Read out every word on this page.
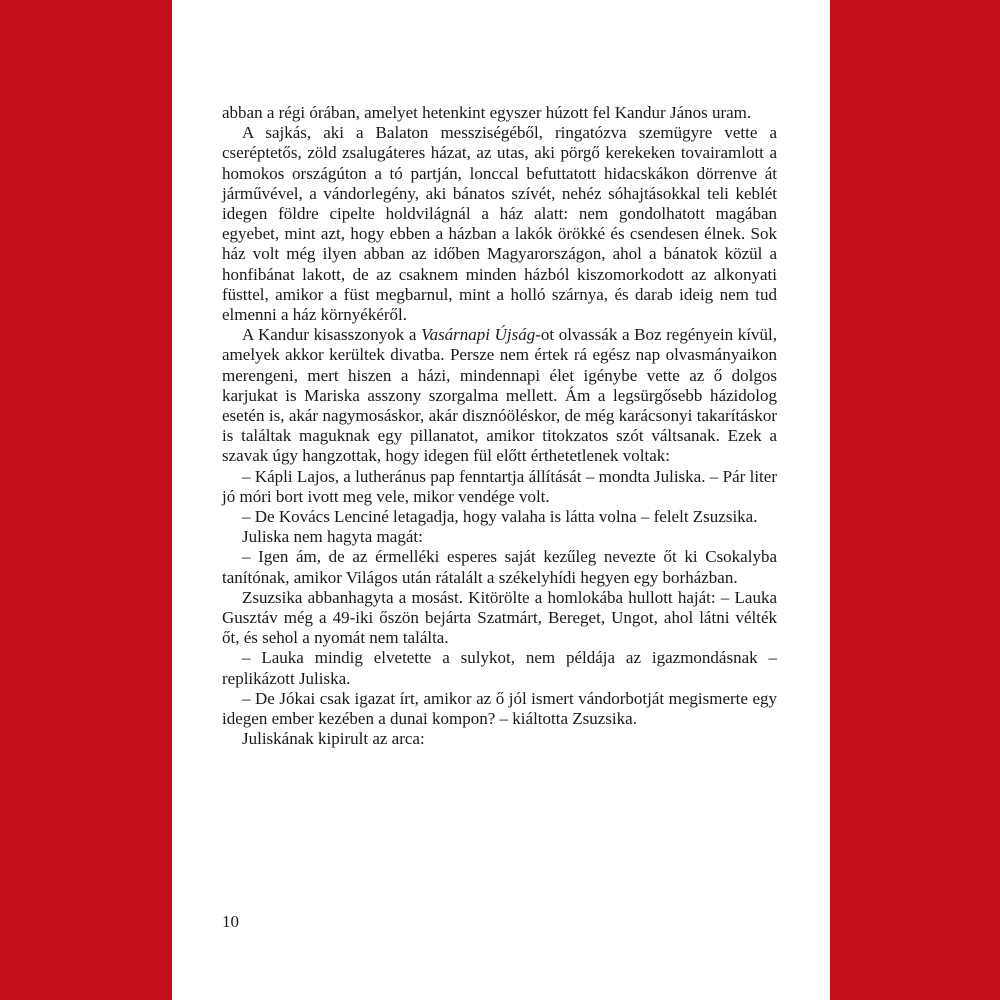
abban a régi órában, amelyet hetenkint egyszer húzott fel Kandur János uram.

A sajkás, aki a Balaton messziségéből, ringatózva szemügyre vette a cseréptetős, zöld zsalugáteres házat, az utas, aki pörgő kerekeken tovairamlott a homokos országúton a tó partján, lonccal befuttatott hidacskákon dörrenve át járművével, a vándorlegény, aki bánatos szívét, nehéz sóhajtásokkal teli keblét idegen földre cipelte holdvilágnál a ház alatt: nem gondolhatott magában egyebet, mint azt, hogy ebben a házban a lakók örökké és csendesen élnek. Sok ház volt még ilyen abban az időben Magyarországon, ahol a bánatok közül a honfibánat lakott, de az csaknem minden házból kiszomorkodott az alkonyati füsttel, amikor a füst megbarnul, mint a holló szárnya, és darab ideig nem tud elmenni a ház környékéről.

A Kandur kisasszonyok a Vasárnapi Újság-ot olvassák a Boz regényein kívül, amelyek akkor kerültek divatba. Persze nem értek rá egész nap olvasmányaikon merengeni, mert hiszen a házi, mindennapi élet igénybe vette az ő dolgos karjukat is Mariska asszony szorgalma mellett. Ám a legsürgősebb házidolog esetén is, akár nagymosáskor, akár disznóöléskor, de még karácsonyi takarításkor is találtak maguknak egy pillanatot, amikor titokzatos szót váltsanak. Ezek a szavak úgy hangzottak, hogy idegen fül előtt érthetetlenek voltak:

– Kápli Lajos, a lutheránus pap fenntartja állítását – mondta Juliska. – Pár liter jó móri bort ivott meg vele, mikor vendége volt.

– De Kovács Lenciné letagadja, hogy valaha is látta volna – felelt Zsuzsika.

Juliska nem hagyta magát:

– Igen ám, de az érmelléki esperes saját kezűleg nevezte őt ki Csokalyba tanítónak, amikor Világos után rátalált a székelyhídi hegyen egy borházban.

Zsuzsika abbanhagyta a mosást. Kitörölte a homlokába hullott haját: – Lauka Gusztáv még a 49-iki őszön bejárta Szatmárt, Bereget, Ungot, ahol látni vélték őt, és sehol a nyomát nem találta.

– Lauka mindig elvetette a sulykot, nem példája az igazmondásnak – replikázott Juliska.

– De Jókai csak igazat írt, amikor az ő jól ismert vándorbotját megismerte egy idegen ember kezében a dunai kompon? – kiáltotta Zsuzsika.

Juliskának kipirult az arca:

10
